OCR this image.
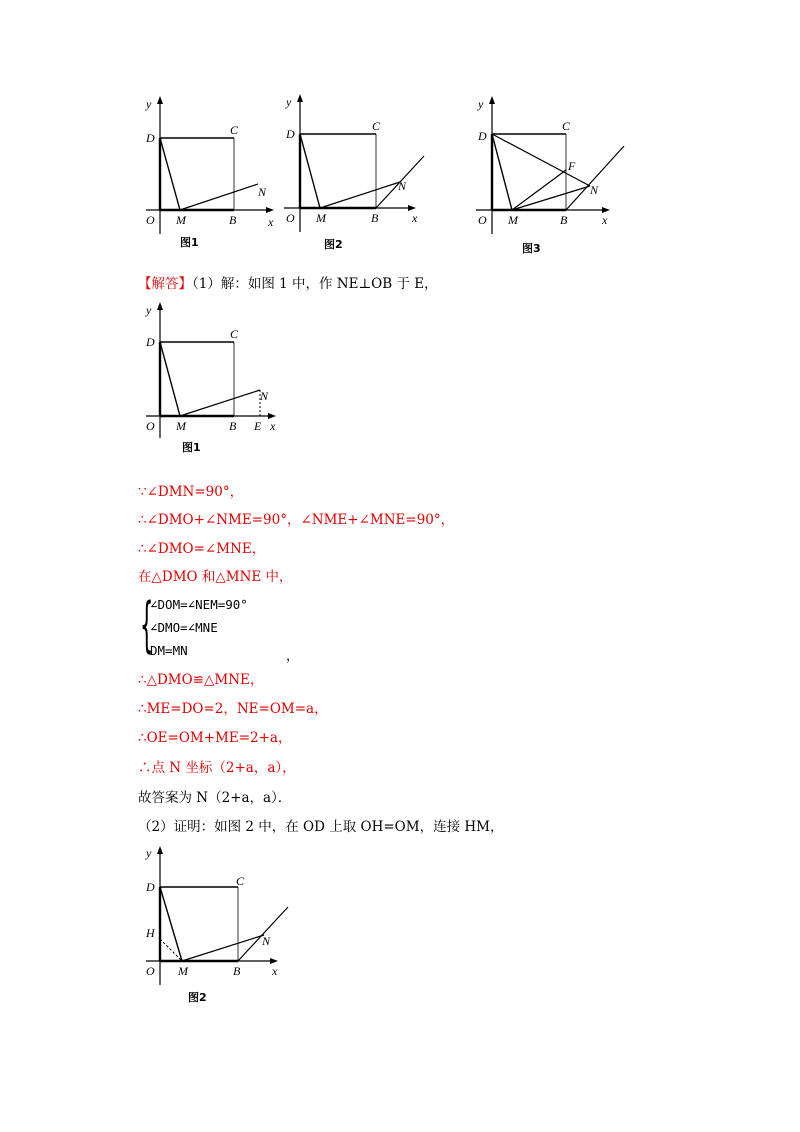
y
x
D
C
O M	B
N
图1
y
x
D
C
O M	B
N
图2
y
x
D
C
F
O M	B
N
图3
【解答】（1）解：如图 1 中，作 NE⊥OB 于 E，
y
x
D
C
O M	B E
N
图1
∵∠DMN=90°，
∴∠DMO+∠NME=90°，∠NME+∠MNE=90°，
∴∠DMO=∠MNE，
在△DMO 和△MNE 中，
{
∠DOM=∠NEM=90°
∠DMO=∠MNE
DM=MN	，
∴△DMO≌△MNE，
∴ME=DO=2，NE=OM=a，
∴OE=OM+ME=2+a，
∴点 N 坐标（2+a，a），
故答案为 N（2+a，a）．
（2）证明：如图 2 中，在 OD 上取 OH=OM，连接 HM，
y
x
D	C
H
O M	B
N
图2
